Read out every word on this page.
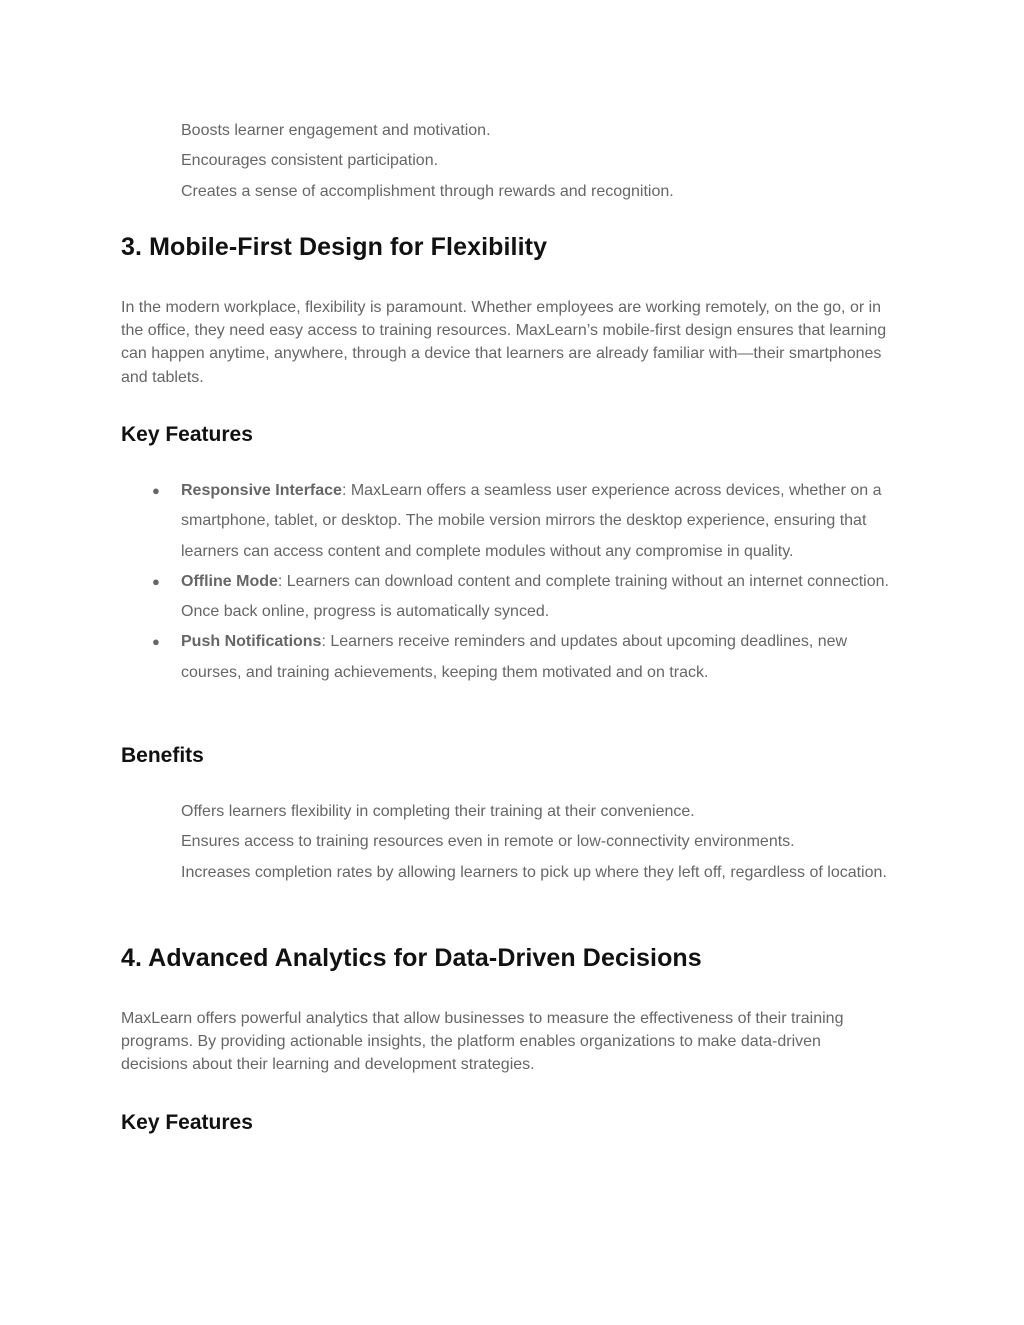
Boosts learner engagement and motivation.
Encourages consistent participation.
Creates a sense of accomplishment through rewards and recognition.
3. Mobile-First Design for Flexibility

In the modern workplace, flexibility is paramount. Whether employees are working remotely, on the go, or in the office, they need easy access to training resources. MaxLearn’s mobile-first design ensures that learning can happen anytime, anywhere, through a device that learners are already familiar with—their smartphones and tablets.

Key Features
● Responsive Interface: MaxLearn offers a seamless user experience across devices, whether on a smartphone, tablet, or desktop. The mobile version mirrors the desktop experience, ensuring that learners can access content and complete modules without any compromise in quality.
● Offline Mode: Learners can download content and complete training without an internet connection. Once back online, progress is automatically synced.
● Push Notifications: Learners receive reminders and updates about upcoming deadlines, new courses, and training achievements, keeping them motivated and on track.
Benefits
Offers learners flexibility in completing their training at their convenience.
Ensures access to training resources even in remote or low-connectivity environments.
Increases completion rates by allowing learners to pick up where they left off, regardless of location.
4. Advanced Analytics for Data-Driven Decisions

MaxLearn offers powerful analytics that allow businesses to measure the effectiveness of their training programs. By providing actionable insights, the platform enables organizations to make data-driven decisions about their learning and development strategies.

Key Features
